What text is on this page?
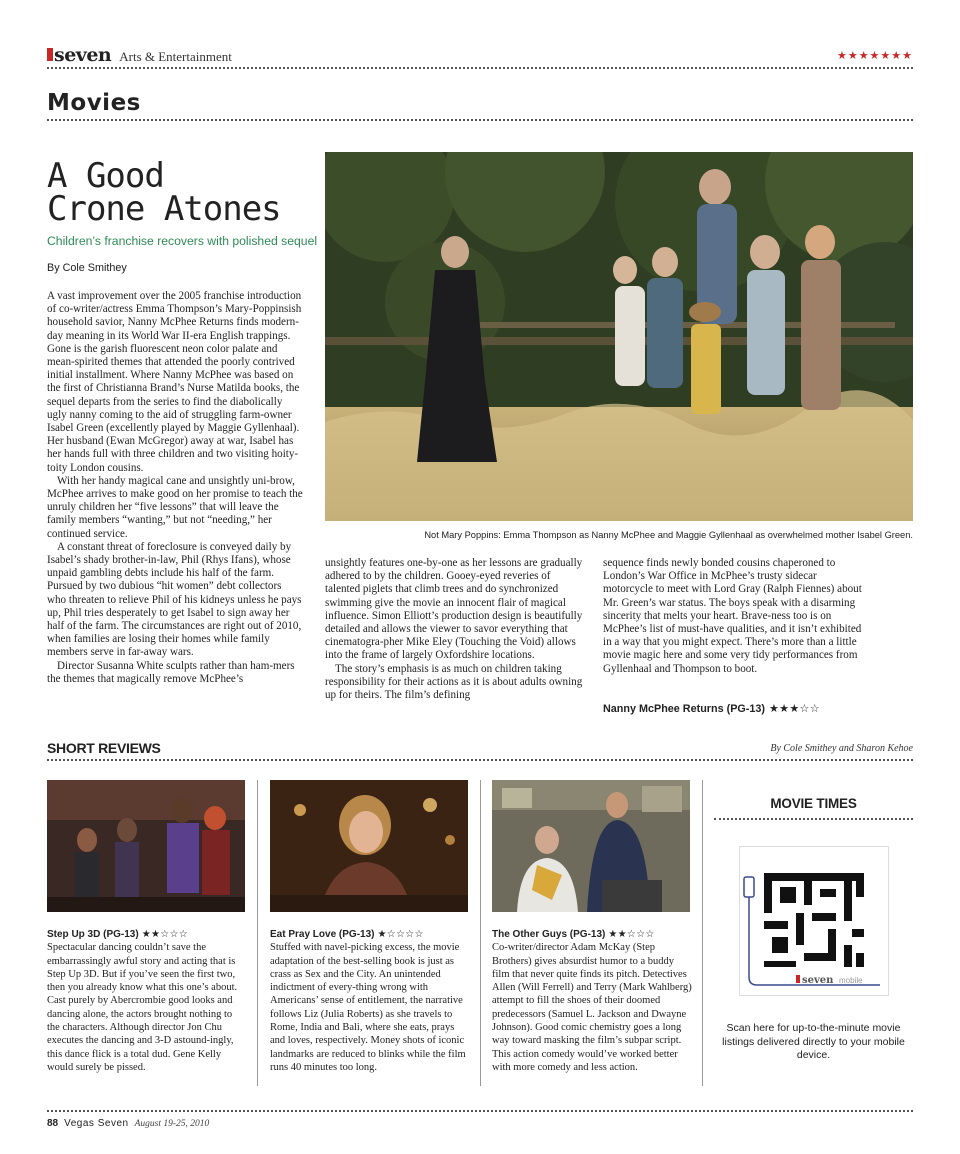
seven Arts & Entertainment	★★★★★★★
Movies
A Good
Crone Atones
Children’s franchise recovers with polished sequel
By Cole Smithey

A vast improvement over the 2005 franchise introduction of co-writer/actress Emma Thompson’s Mary-Poppinsish household savior, Nanny McPhee Returns finds modern-day meaning in its World War II-era English trappings. Gone is the garish fluorescent neon color palate and mean-spirited themes that attended the poorly contrived initial installment. Where Nanny McPhee was based on the first of Christianna Brand’s Nurse Matilda books, the sequel departs from the series to find the diabolically ugly nanny coming to the aid of struggling farm-owner Isabel Green (excellently played by Maggie Gyllenhaal). Her husband (Ewan McGregor) away at war, Isabel has her hands full with three children and two visiting hoity-toity London cousins.

With her handy magical cane and unsightly uni-brow, McPhee arrives to make good on her promise to teach the unruly children her “five lessons” that will leave the family members “wanting,” but not “needing,” her continued service.

A constant threat of foreclosure is conveyed daily by Isabel’s shady brother-in-law, Phil (Rhys Ifans), whose unpaid gambling debts include his half of the farm. Pursued by two dubious “hit women” debt collectors who threaten to relieve Phil of his kidneys unless he pays up, Phil tries desperately to get Isabel to sign away her half of the farm. The circumstances are right out of 2010, when families are losing their homes while family members serve in far-away wars.

Director Susanna White sculpts rather than ham-mers the themes that magically remove McPhee’s

Not Mary Poppins: Emma Thompson as Nanny McPhee and Maggie Gyllenhaal as overwhelmed mother Isabel Green.

unsightly features one-by-one as her lessons are gradually adhered to by the children. Gooey-eyed reveries of talented piglets that climb trees and do synchronized swimming give the movie an innocent flair of magical influence. Simon Elliott’s production design is beautifully detailed and allows the viewer to savor everything that cinematogra-pher Mike Eley (Touching the Void) allows into the frame of largely Oxfordshire locations.

The story’s emphasis is as much on children taking responsibility for their actions as it is about adults owning up for theirs. The film’s defining

sequence finds newly bonded cousins chaperoned to London’s War Office in McPhee’s trusty sidecar motorcycle to meet with Lord Gray (Ralph Fiennes) about Mr. Green’s war status. The boys speak with a disarming sincerity that melts your heart. Brave-ness too is on McPhee’s list of must-have qualities, and it isn’t exhibited in a way that you might expect. There’s more than a little movie magic here and some very tidy performances from Gyllenhaal and Thompson to boot.

Nanny McPhee Returns (PG-13) ★★★☆☆
SHORT REVIEWS	By Cole Smithey and Sharon Kehoe
Step Up 3D (PG-13) ★★☆☆☆
Spectacular dancing couldn’t save the embarrassingly awful story and acting that is Step Up 3D. But if you’ve seen the first two, then you already know what this one’s about. Cast purely by Abercrombie good looks and dancing alone, the actors brought nothing to the characters. Although director Jon Chu executes the dancing and 3-D astound-ingly, this dance flick is a total dud. Gene Kelly would surely be pissed.
Eat Pray Love (PG-13) ★☆☆☆☆
Stuffed with navel-picking excess, the movie adaptation of the best-selling book is just as crass as Sex and the City. An unintended indictment of every-thing wrong with Americans’ sense of entitlement, the narrative follows Liz (Julia Roberts) as she travels to Rome, India and Bali, where she eats, prays and loves, respectively. Money shots of iconic landmarks are reduced to blinks while the film runs 40 minutes too long.
The Other Guys (PG-13) ★★☆☆☆
Co-writer/director Adam McKay (Step Brothers) gives absurdist humor to a buddy film that never quite finds its pitch. Detectives Allen (Will Ferrell) and Terry (Mark Wahlberg) attempt to fill the shoes of their doomed predecessors (Samuel L. Jackson and Dwayne Johnson). Good comic chemistry goes a long way toward masking the film’s subpar script. This action comedy would’ve worked better with more comedy and less action.
MOVIE TIMES
seven mobile
Scan here for up-to-the-minute movie listings delivered directly to your mobile device.
88 Vegas Seven August 19-25, 2010
